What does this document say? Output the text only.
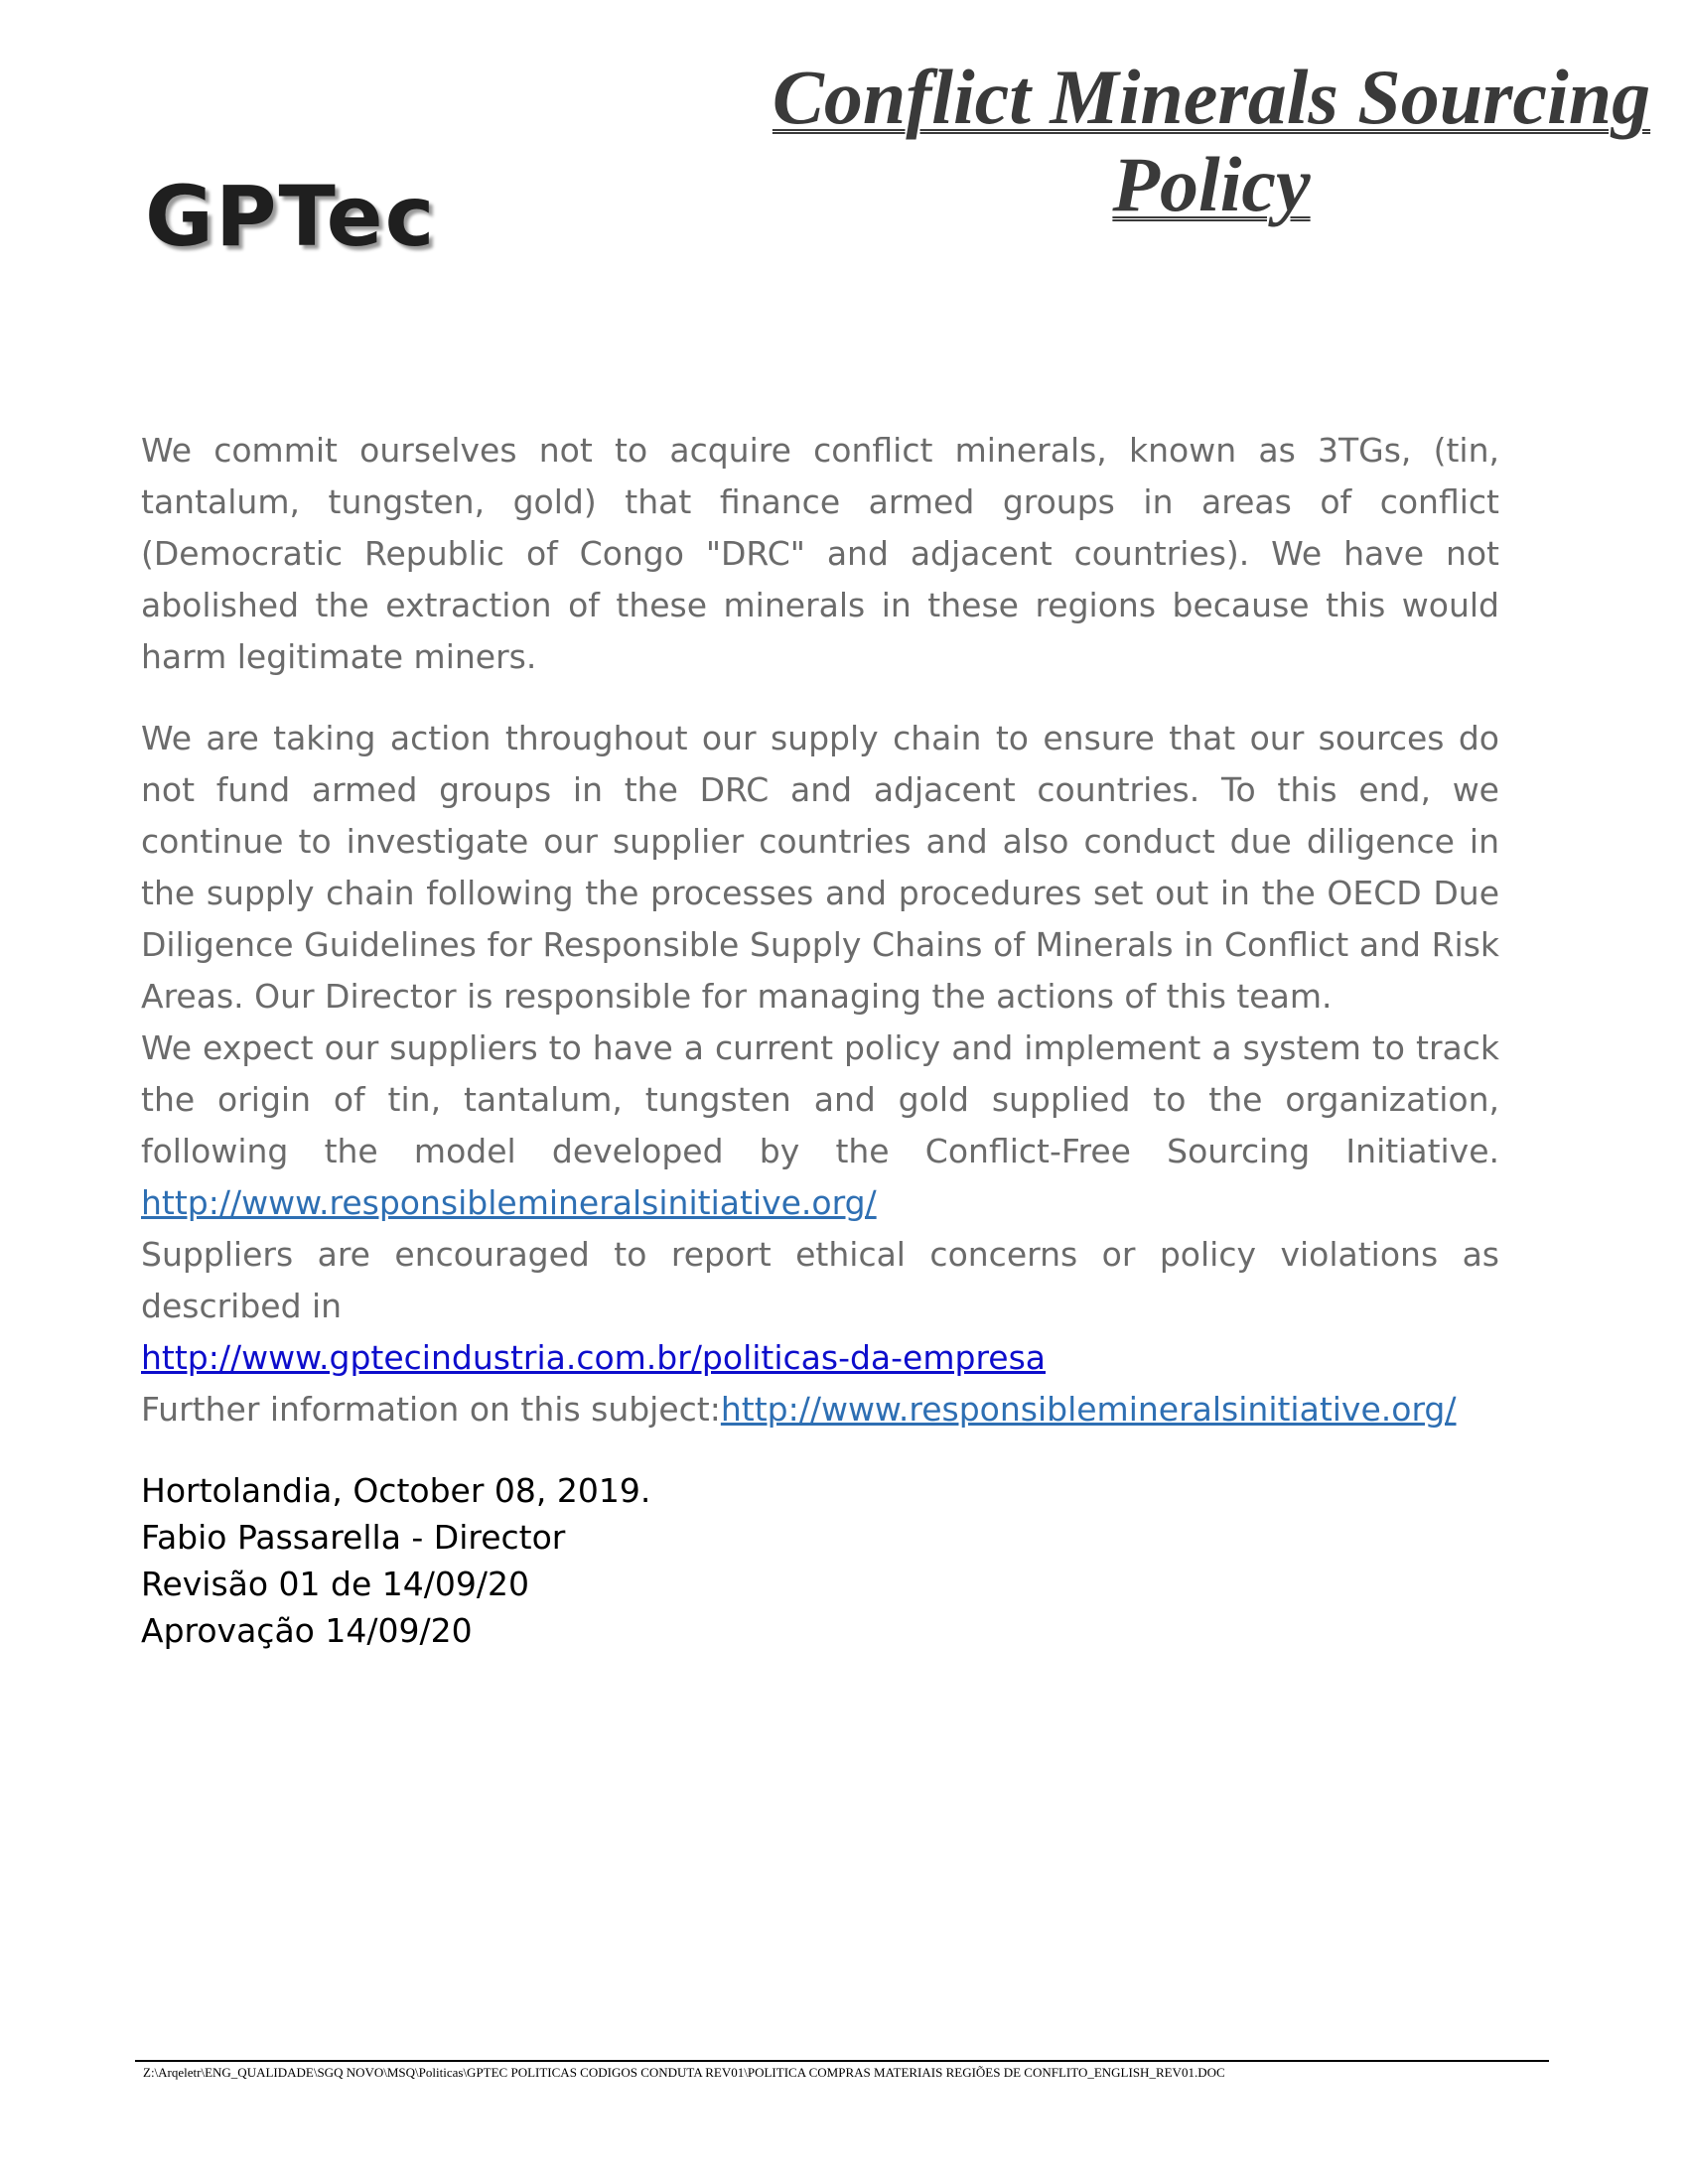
GPTec
Conflict Minerals Sourcing
Policy

We commit ourselves not to acquire conflict minerals, known as 3TGs, (tin, tantalum, tungsten, gold) that finance armed groups in areas of conflict (Democratic Republic of Congo "DRC" and adjacent countries). We have not abolished the extraction of these minerals in these regions because this would harm legitimate miners.

We are taking action throughout our supply chain to ensure that our sources do not fund armed groups in the DRC and adjacent countries. To this end, we continue to investigate our supplier countries and also conduct due diligence in the supply chain following the processes and procedures set out in the OECD Due Diligence Guidelines for Responsible Supply Chains of Minerals in Conflict and Risk Areas. Our Director is responsible for managing the actions of this team.

We expect our suppliers to have a current policy and implement a system to track the origin of tin, tantalum, tungsten and gold supplied to the organization, following the model developed by the Conflict-Free Sourcing Initiative.

http://www.responsiblemineralsinitiative.org/

Suppliers are encouraged to report ethical concerns or policy violations as described in

http://www.gptecindustria.com.br/politicas-da-empresa

Further information on this subject:http://www.responsiblemineralsinitiative.org/

Hortolandia, October 08, 2019.
Fabio Passarella - Director
Revisão 01 de 14/09/20
Aprovação 14/09/20
Z:\Arqeletr\ENG_QUALIDADE\SGQ NOVO\MSQ\Politicas\GPTEC POLITICAS CODIGOS CONDUTA REV01\POLITICA COMPRAS MATERIAIS REGIÕES DE CONFLITO_ENGLISH_REV01.DOC
